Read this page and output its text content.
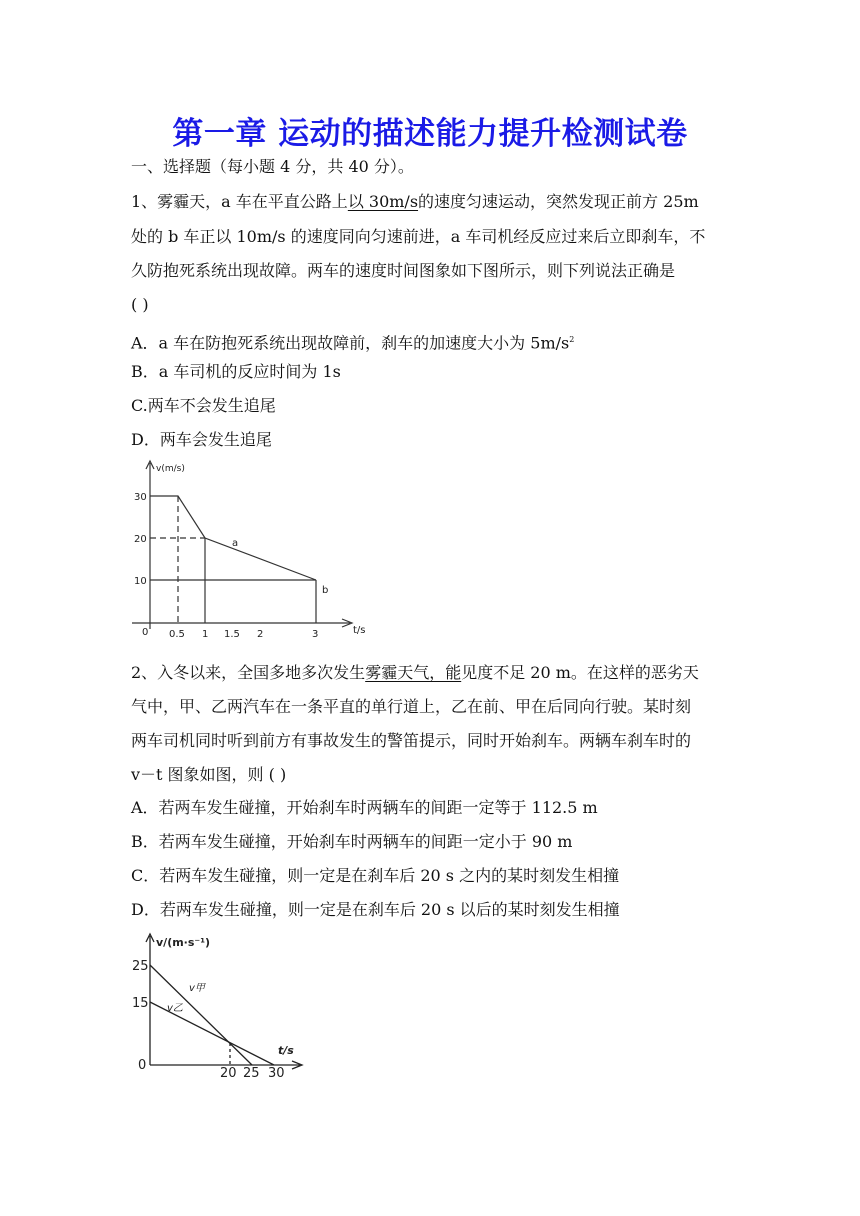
第一章 运动的描述能力提升检测试卷
一、选择题（每小题 4 分，共 40 分）。
1、雾霾天，a 车在平直公路上以 30m/s的速度匀速运动，突然发现正前方 25m
处的 b 车正以 10m/s 的速度同向匀速前进，a 车司机经反应过来后立即刹车，不
久防抱死系统出现故障。两车的速度时间图象如下图所示，则下列说法正确是
( )
A．a 车在防抱死系统出现故障前，刹车的加速度大小为 $5m/s^2$
B．a 车司机的反应时间为 1s
C.两车不会发生追尾
D．两车会发生追尾
v(m/s)
t/s
0
30
20
10
0.5 1 1.5 2	3
a
b
2、入冬以来，全国多地多次发生雾霾天气，能见度不足 20 m。在这样的恶劣天
气中，甲、乙两汽车在一条平直的单行道上，乙在前、甲在后同向行驶。某时刻
两车司机同时听到前方有事故发生的警笛提示，同时开始刹车。两辆车刹车时的
v－t 图象如图，则 ( )
A．若两车发生碰撞，开始刹车时两辆车的间距一定等于 112.5 m
B．若两车发生碰撞，开始刹车时两辆车的间距一定小于 90 m
C．若两车发生碰撞，则一定是在刹车后 20 s 之内的某时刻发生相撞
D．若两车发生碰撞，则一定是在刹车后 20 s 以后的某时刻发生相撞
v/(m·s⁻¹)
t/s
0
25
15
20 25 30
v甲
v乙
